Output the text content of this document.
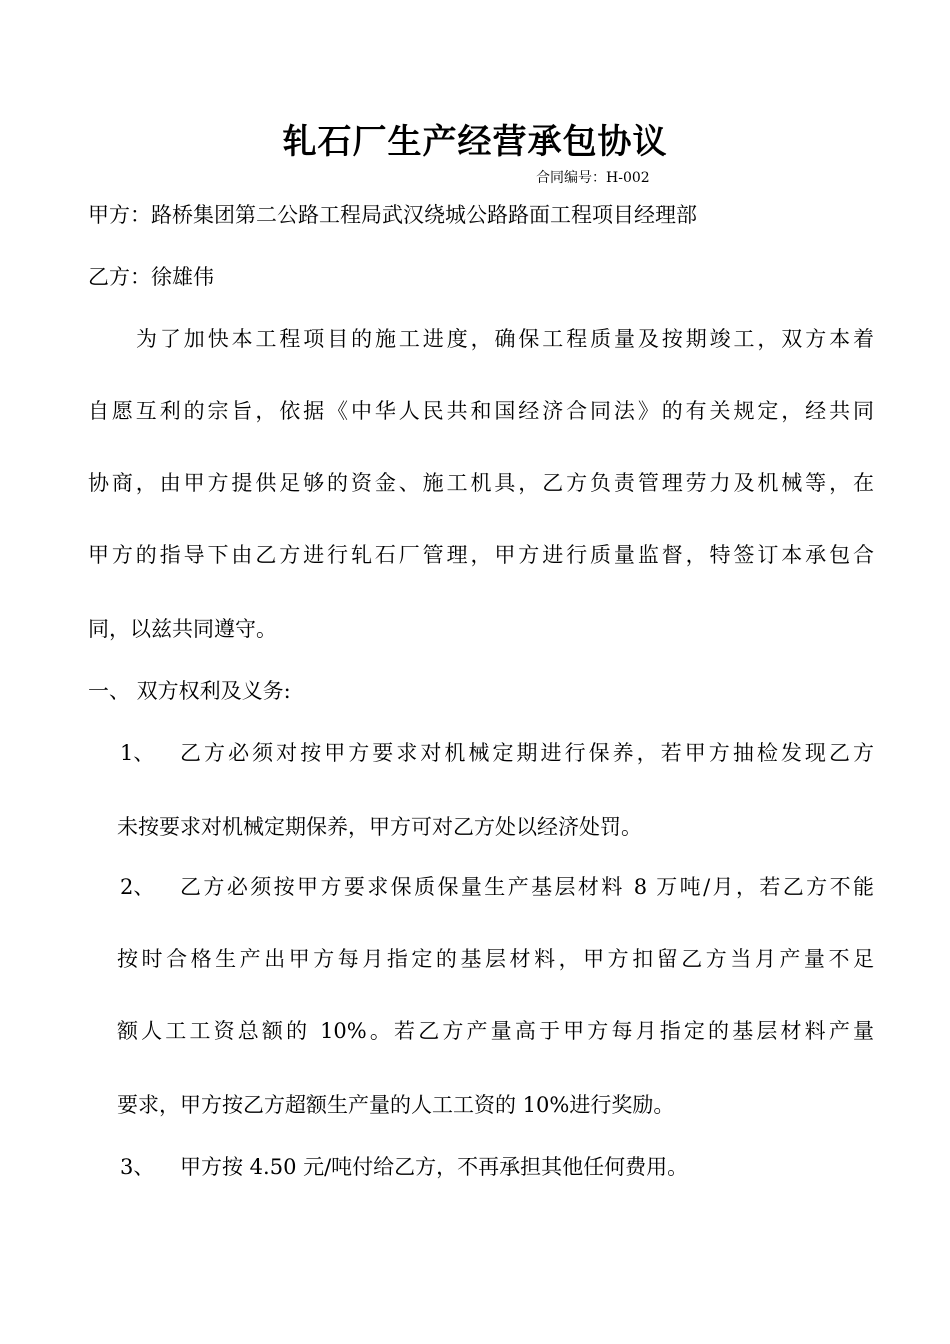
轧石厂生产经营承包协议
合同编号：H-002
甲方：路桥集团第二公路工程局武汉绕城公路路面工程项目经理部
乙方：徐雄伟
为了加快本工程项目的施工进度，确保工程质量及按期竣工，双方本着
自愿互利的宗旨，依据《中华人民共和国经济合同法》的有关规定，经共同
协商，由甲方提供足够的资金、施工机具，乙方负责管理劳力及机械等，在
甲方的指导下由乙方进行轧石厂管理，甲方进行质量监督，特签订本承包合
同，以兹共同遵守。
一、 双方权利及义务:
1、 乙方必须对按甲方要求对机械定期进行保养，若甲方抽检发现乙方
未按要求对机械定期保养，甲方可对乙方处以经济处罚。
2、 乙方必须按甲方要求保质保量生产基层材料 8 万吨/月，若乙方不能
按时合格生产出甲方每月指定的基层材料，甲方扣留乙方当月产量不足
额人工工资总额的 10%。若乙方产量高于甲方每月指定的基层材料产量
要求，甲方按乙方超额生产量的人工工资的 10%进行奖励。
3、 甲方按 4.50 元/吨付给乙方，不再承担其他任何费用。
